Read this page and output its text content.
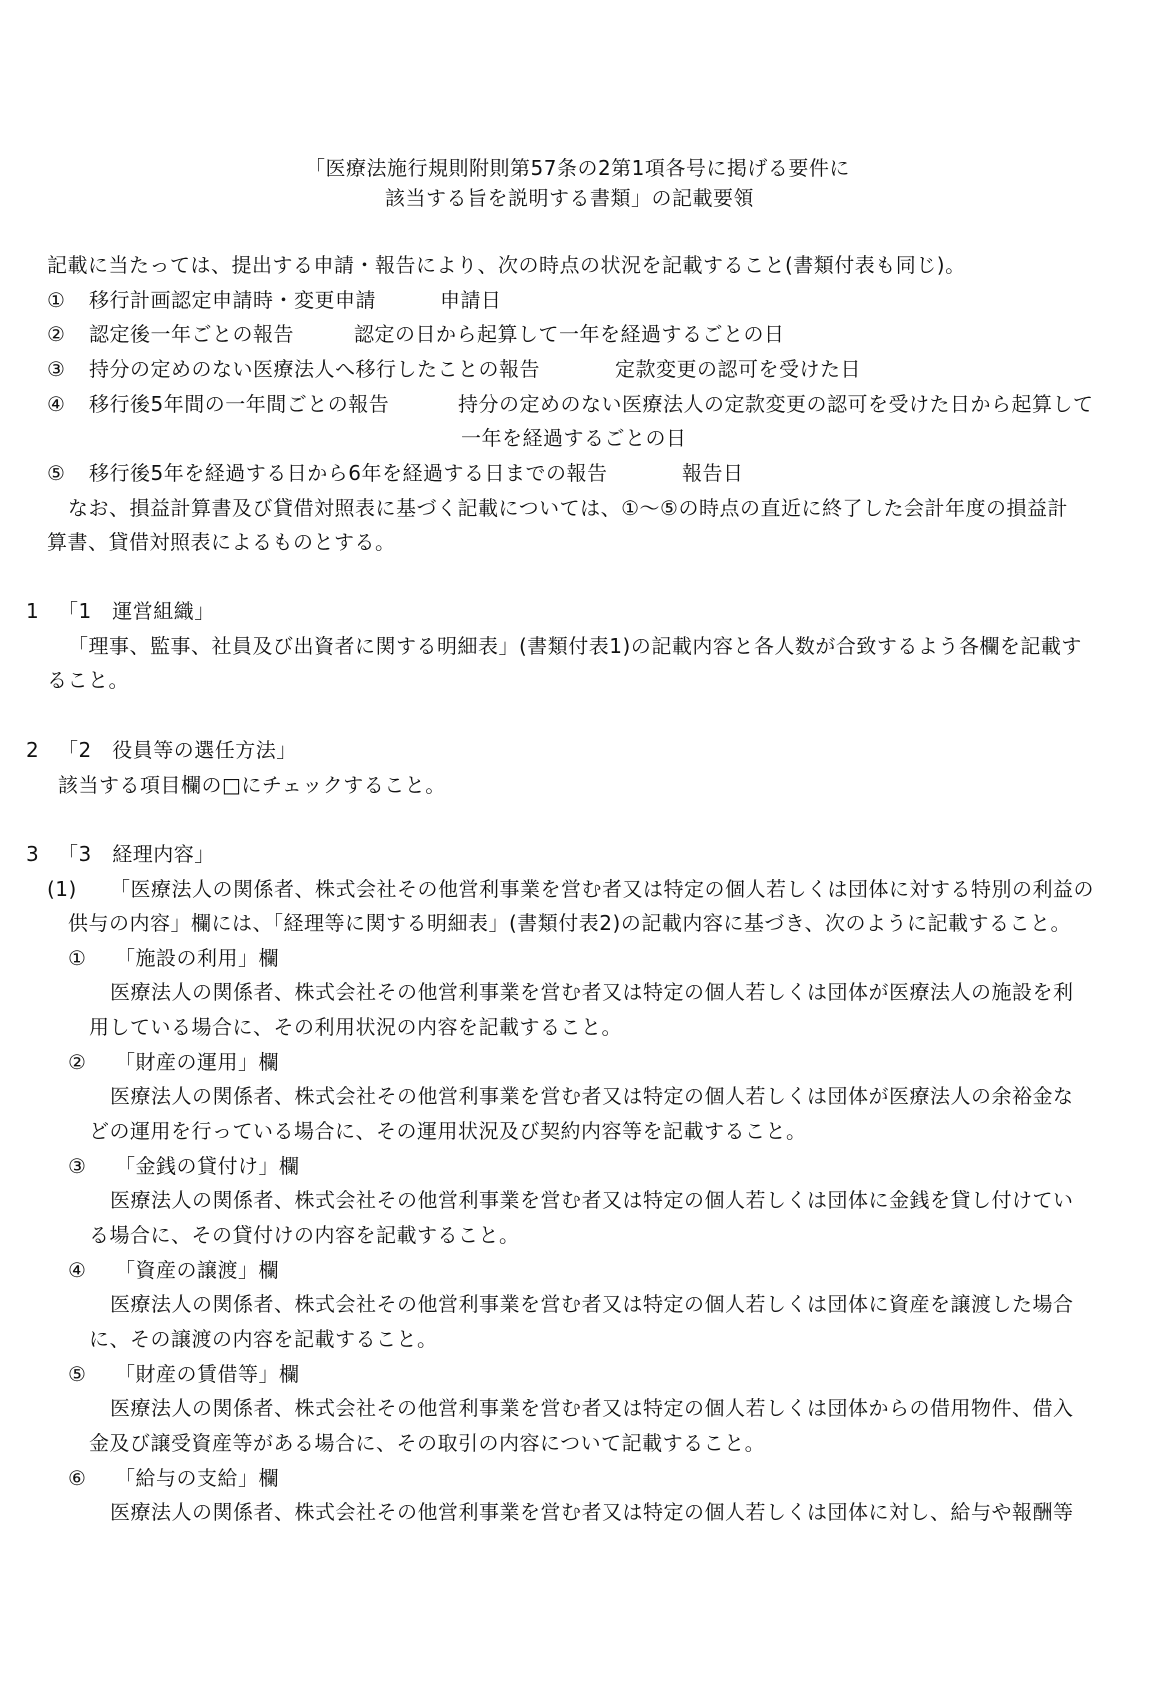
「医療法施行規則附則第57条の2第1項各号に掲げる要件に
該当する旨を説明する書類」の記載要領
記載に当たっては、提出する申請・報告により、次の時点の状況を記載すること(書類付表も同じ)。
① 移行計画認定申請時・変更申請	申請日
② 認定後一年ごとの報告	認定の日から起算して一年を経過するごとの日
③ 持分の定めのない医療法人へ移行したことの報告	定款変更の認可を受けた日
④ 移行後5年間の一年間ごとの報告	持分の定めのない医療法人の定款変更の認可を受けた日から起算して
一年を経過するごとの日
⑤ 移行後5年を経過する日から6年を経過する日までの報告	報告日
なお、損益計算書及び貸借対照表に基づく記載については、①～⑤の時点の直近に終了した会計年度の損益計
算書、貸借対照表によるものとする。
1 「1　運営組織」
「理事、監事、社員及び出資者に関する明細表」(書類付表1)の記載内容と各人数が合致するよう各欄を記載す
ること。
2 「2　役員等の選任方法」
該当する項目欄の□にチェックすること。
3 「3　経理内容」
(1) 「医療法人の関係者、株式会社その他営利事業を営む者又は特定の個人若しくは団体に対する特別の利益の
供与の内容」欄には、「経理等に関する明細表」(書類付表2)の記載内容に基づき、次のように記載すること。
① 「施設の利用」欄
医療法人の関係者、株式会社その他営利事業を営む者又は特定の個人若しくは団体が医療法人の施設を利
用している場合に、その利用状況の内容を記載すること。
② 「財産の運用」欄
医療法人の関係者、株式会社その他営利事業を営む者又は特定の個人若しくは団体が医療法人の余裕金な
どの運用を行っている場合に、その運用状況及び契約内容等を記載すること。
③ 「金銭の貸付け」欄
医療法人の関係者、株式会社その他営利事業を営む者又は特定の個人若しくは団体に金銭を貸し付けてい
る場合に、その貸付けの内容を記載すること。
④ 「資産の譲渡」欄
医療法人の関係者、株式会社その他営利事業を営む者又は特定の個人若しくは団体に資産を譲渡した場合
に、その譲渡の内容を記載すること。
⑤ 「財産の賃借等」欄
医療法人の関係者、株式会社その他営利事業を営む者又は特定の個人若しくは団体からの借用物件、借入
金及び譲受資産等がある場合に、その取引の内容について記載すること。
⑥ 「給与の支給」欄
医療法人の関係者、株式会社その他営利事業を営む者又は特定の個人若しくは団体に対し、給与や報酬等
